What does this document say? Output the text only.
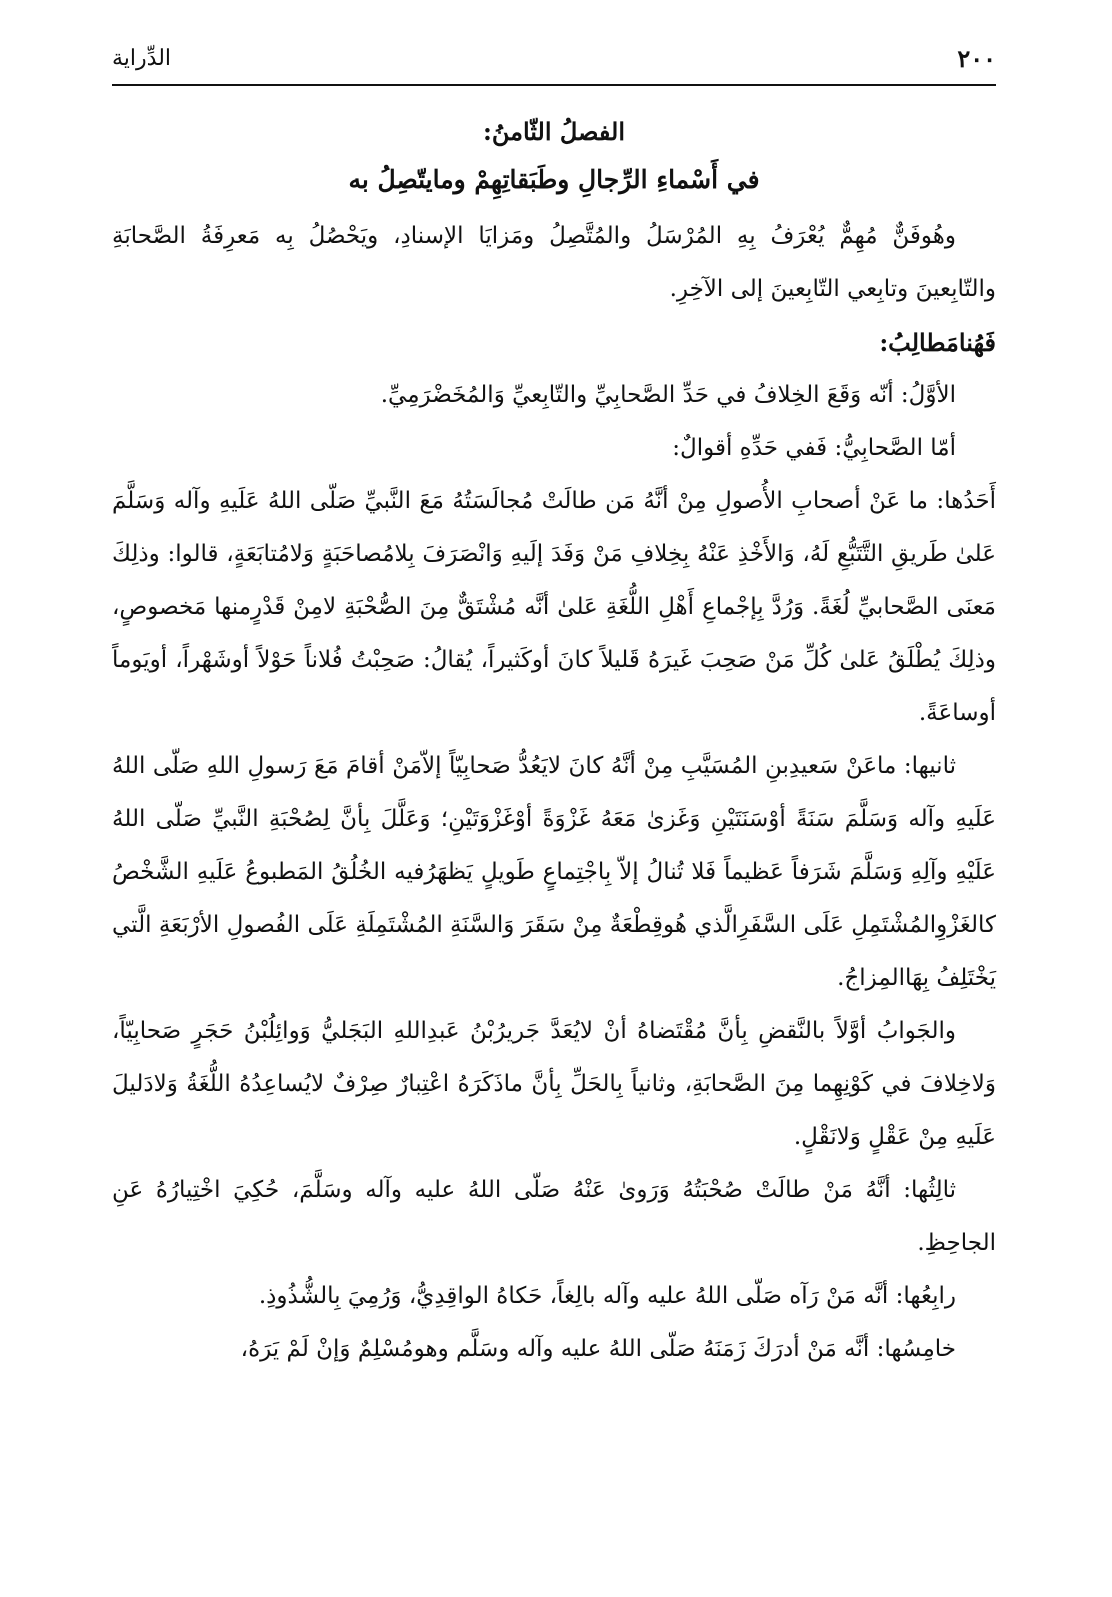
٢٠٠
الدِّراية

الفصلُ الثّامنُ:

في أَسْماءِ الرِّجالِ وطَبَقاتِهِمْ ومايتّصِلُ به

وهُوفَنٌّ مُهِمٌّ يُعْرَفُ بِهِ المُرْسَلُ والمُتَّصِلُ ومَزايَا الإسنادِ، ويَحْصُلُ بِه مَعرِفَةُ الصَّحابَةِ والتّابِعينَ وتابِعي التّابِعينَ إلى الآخِرِ.

فَهُنامَطالِبُ:

الأوَّلُ: أنّه وَقَعَ الخِلافُ في حَدِّ الصَّحابِيِّ والتّابِعيِّ وَالمُخَضْرَمِيِّ.

أمّا الصَّحابِيُّ: فَفي حَدِّهِ أقوالٌ:

أَحَدُها: ما عَنْ أصحابِ الأُصولِ مِنْ أنَّهُ مَن طالَتْ مُجالَسَتُهُ مَعَ النَّبيِّ صَلّى اللهُ عَلَيهِ وآله وَسَلَّمَ عَلىٰ طَريقِ التَّتَبُّعِ لَهُ، وَالأَخْذِ عَنْهُ بِخِلافِ مَنْ وَفَدَ إلَيهِ وَانْصَرَفَ بِلامُصاحَبَةٍ وَلامُتابَعَةٍ، قالوا: وذلِكَ مَعنَى الصَّحابيِّ لُغَةً. وَرُدَّ بِإجْماعِ أَهْلِ اللُّغَةِ عَلىٰ أنَّه مُشْتَقٌّ مِنَ الصُّحْبَةِ لامِنْ قَدْرٍمنها مَخصوصٍ، وذلِكَ يُطْلَقُ عَلىٰ كُلِّ مَنْ صَحِبَ غَيرَهُ قَليلاً كانَ أوكَثيراً، يُقالُ: صَحِبْتُ فُلاناً حَوْلاً أوشَهْراً، أويَوماً أوساعَةً.

ثانيها: ماعَنْ سَعيدِبنِ المُسَيَّبِ مِنْ أنَّهُ كانَ لايَعُدُّ صَحابِيّاً إلاّمَنْ أقامَ مَعَ رَسولِ اللهِ صَلّى اللهُ عَلَيهِ وآله وَسَلَّمَ سَنَةً أوْسَنَتَيْنِ وَغَزىٰ مَعَهُ غَزْوَةً أوْغَزْوَتَيْنِ؛ وَعَلَّلَ بِأنَّ لِصُحْبَةِ النَّبيِّ صَلّى اللهُ عَلَيْهِ وآلِهِ وَسَلَّمَ شَرَفاً عَظيماً فَلا تُنالُ إلاّ بِاجْتِماعٍ طَويلٍ يَظهَرُفيه الخُلُقُ المَطبوعُ عَلَيهِ الشَّخْصُ كالغَزْوِالمُشْتَمِلِ عَلَى السَّفَرِالَّذي هُوقِطْعَةٌ مِنْ سَقَرَ وَالسَّنَةِ المُشْتَمِلَةِ عَلَى الفُصولِ الأرْبَعَةِ الَّتي يَخْتَلِفُ بِهَاالمِزاجُ.

والجَوابُ أوَّلاً بالنَّقضِ بِأنَّ مُقْتَضاهُ أنْ لايُعَدَّ جَريرُبْنُ عَبدِاللهِ البَجَليُّ وَوائِلُبْنُ حَجَرٍ صَحابِيّاً، وَلاخِلافَ في كَوْنِهِما مِنَ الصَّحابَةِ، وثانياً بِالحَلِّ بِأنَّ ماذَكَرَهُ اعْتِبارٌ صِرْفٌ لايُساعِدُهُ اللُّغَةُ وَلادَليلَ عَلَيهِ مِنْ عَقْلٍ وَلانَقْلٍ.

ثالِثُها: أنَّهُ مَنْ طالَتْ صُحْبَتُهُ وَرَوىٰ عَنْهُ صَلّى اللهُ عليه وآله وسَلَّمَ، حُكِيَ اخْتِيارُهُ عَنِ الجاحِظِ.

رابِعُها: أنَّه مَنْ رَآه صَلّى اللهُ عليه وآله بالِغاً، حَكاهُ الواقِدِيُّ، وَرُمِيَ بِالشُّذُوذِ.

خامِسُها: أنَّه مَنْ أدرَكَ زَمَنَهُ صَلّى اللهُ عليه وآله وسَلَّم وهومُسْلِمٌ وَإنْ لَمْ يَرَهُ،
